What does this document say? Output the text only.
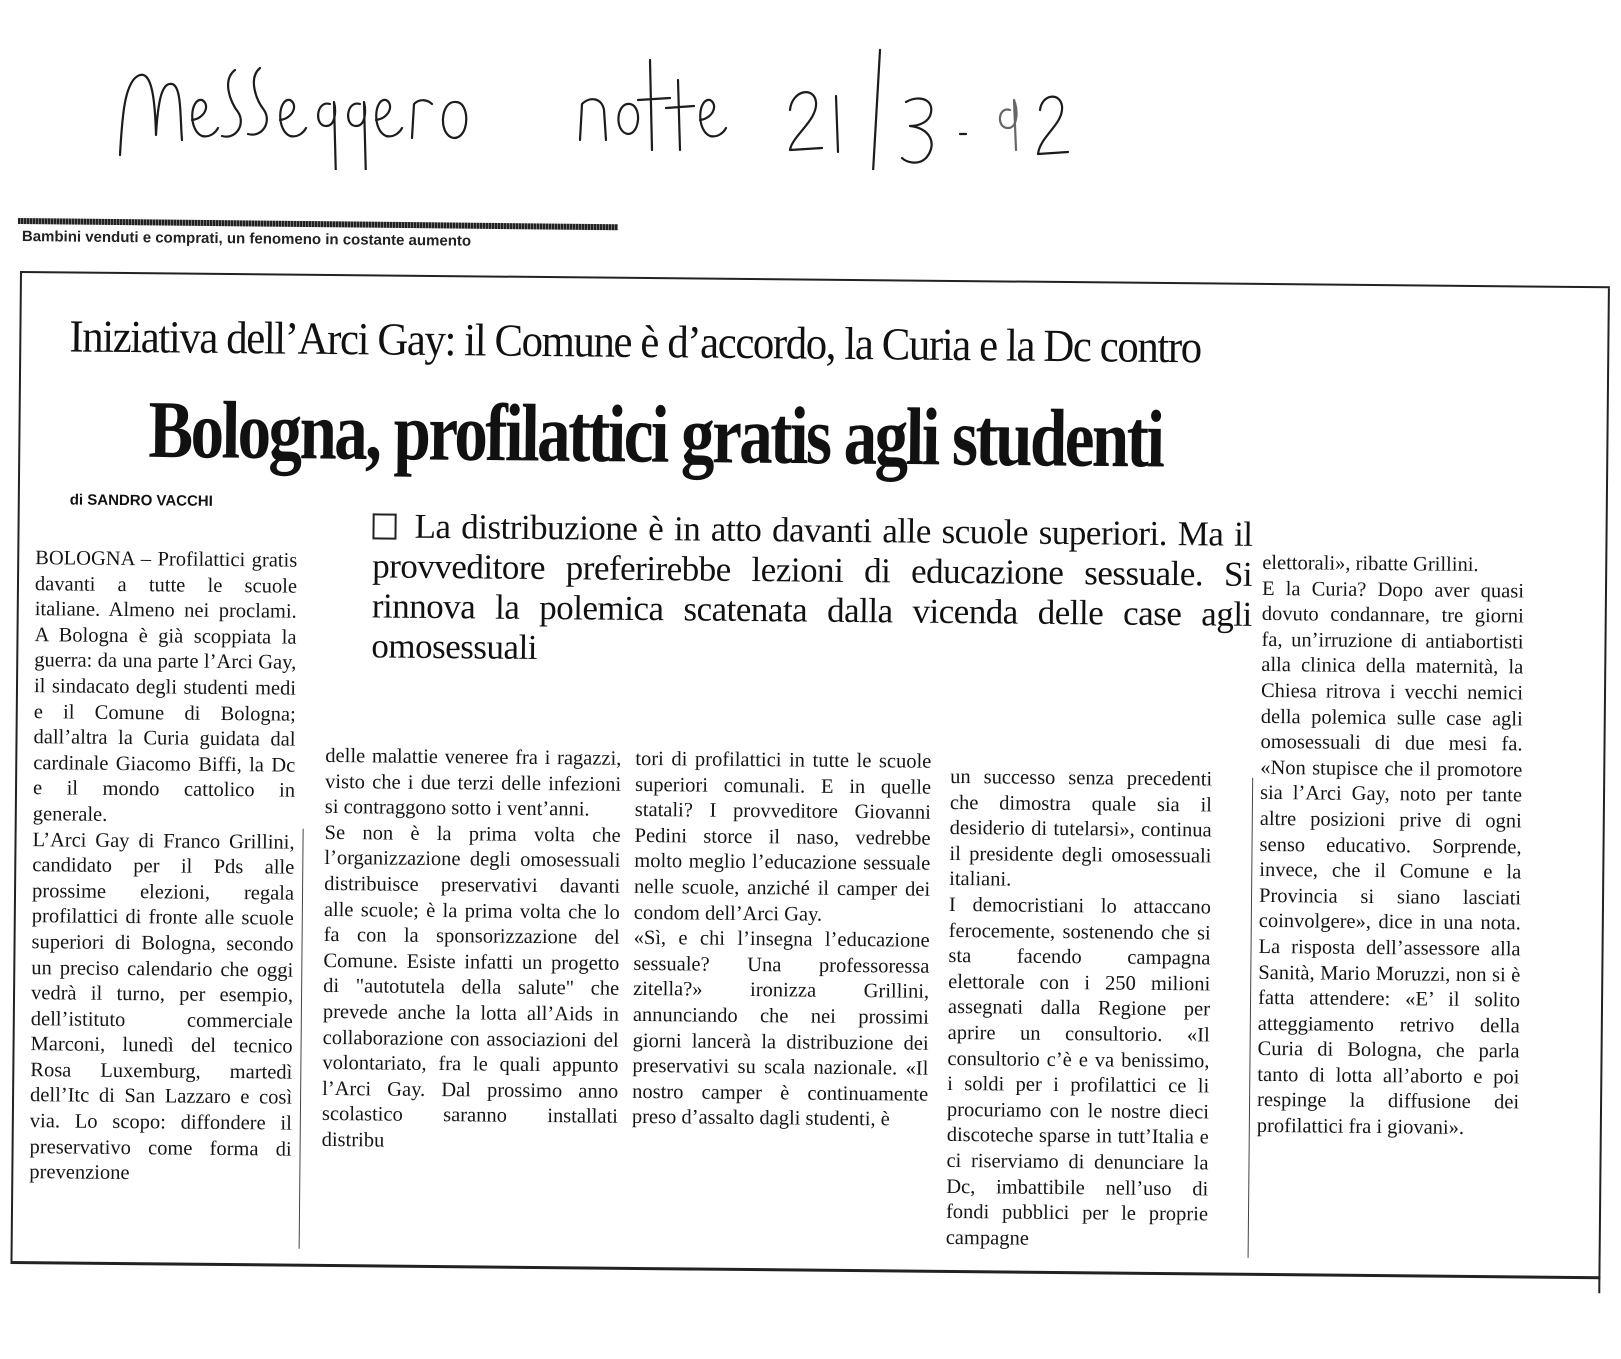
Bambini venduti e comprati, un fenomeno in costante aumento
Iniziativa dell’Arci Gay: il Comune è d’accordo, la Curia e la Dc contro
Bologna, profilattici gratis agli studenti
di SANDRO VACCHI
La distribuzione è in atto davanti alle scuole superiori. Ma il provveditore preferirebbe lezioni di educazione sessuale. Si rinnova la polemica scatenata dalla vicenda delle case agli omosessuali

BOLOGNA – Profilattici gratis davanti a tutte le scuole italiane. Almeno nei proclami. A Bologna è già scoppiata la guerra: da una parte l’Arci Gay, il sindacato degli studenti medi e il Comune di Bologna; dall’altra la Curia guidata dal cardinale Giacomo Biffi, la Dc e il mondo cattolico in generale.

L’Arci Gay di Franco Grillini, candidato per il Pds alle prossime elezioni, regala profilattici di fronte alle scuole superiori di Bologna, secondo un preciso calendario che oggi vedrà il turno, per esempio, dell’istituto commerciale Marconi, lunedì del tecnico Rosa Luxemburg, martedì dell’Itc di San Lazzaro e così via. Lo scopo: diffondere il preservativo come forma di prevenzione

delle malattie veneree fra i ragazzi, visto che i due terzi delle infezioni si contraggono sotto i vent’anni.

Se non è la prima volta che l’organizzazione degli omosessuali distribuisce preservativi davanti alle scuole; è la prima volta che lo fa con la sponsorizzazione del Comune. Esiste infatti un progetto di "autotutela della salute" che prevede anche la lotta all’Aids in collaborazione con associazioni del volontariato, fra le quali appunto l’Arci Gay. Dal prossimo anno scolastico saranno installati distribu

tori di profilattici in tutte le scuole superiori comunali. E in quelle statali? I provveditore Giovanni Pedini storce il naso, vedrebbe molto meglio l’educazione sessuale nelle scuole, anziché il camper dei condom dell’Arci Gay.

«Sì, e chi l’insegna l’educazione sessuale? Una professoressa zitella?» ironizza Grillini, annunciando che nei prossimi giorni lancerà la distribuzione dei preservativi su scala nazionale. «Il nostro camper è continuamente preso d’assalto dagli studenti, è

un successo senza precedenti che dimostra quale sia il desiderio di tutelarsi», continua il presidente degli omosessuali italiani.

I democristiani lo attaccano ferocemente, sostenendo che si sta facendo campagna elettorale con i 250 milioni assegnati dalla Regione per aprire un consultorio. «Il consultorio c’è e va benissimo, i soldi per i profilattici ce li procuriamo con le nostre dieci discoteche sparse in tutt’Italia e ci riserviamo di denunciare la Dc, imbattibile nell’uso di fondi pubblici per le proprie campagne

elettorali», ribatte Grillini.

E la Curia? Dopo aver quasi dovuto condannare, tre giorni fa, un’irruzione di antiabortisti alla clinica della maternità, la Chiesa ritrova i vecchi nemici della polemica sulle case agli omosessuali di due mesi fa. «Non stupisce che il promotore sia l’Arci Gay, noto per tante altre posizioni prive di ogni senso educativo. Sorprende, invece, che il Comune e la Provincia si siano lasciati coinvolgere», dice in una nota. La risposta dell’assessore alla Sanità, Mario Moruzzi, non si è fatta attendere: «E’ il solito atteggiamento retrivo della Curia di Bologna, che parla tanto di lotta all’aborto e poi respinge la diffusione dei profilattici fra i giovani».
